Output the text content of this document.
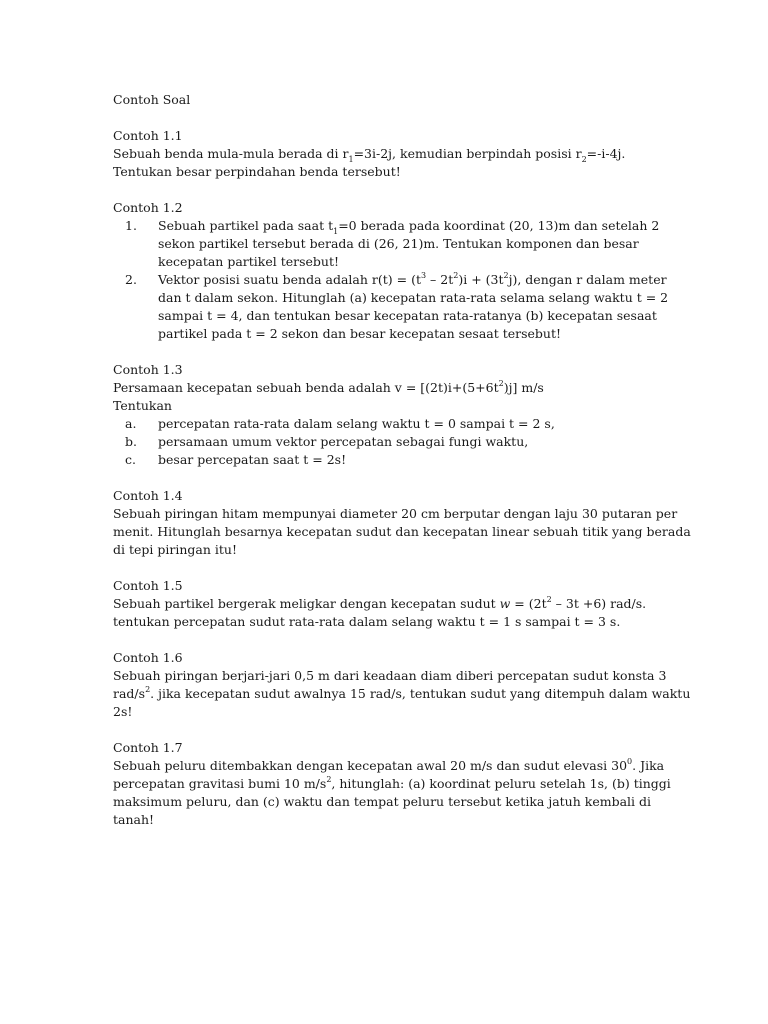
Contoh Soal
Contoh 1.1
Sebuah benda mula-mula berada di $r_1=3i-2j$, kemudian berpindah posisi $r_2=-i-4j$.
Tentukan besar perpindahan benda tersebut!
Contoh 1.2
1. Sebuah partikel pada saat $t_1=0$ berada pada koordinat (20, 13)m dan setelah 2
sekon partikel tersebut berada di (26, 21)m. Tentukan komponen dan besar
kecepatan partikel tersebut!
2. Vektor posisi suatu benda adalah $r(t) = (t^3 - 2t^2)i + (3t^2j)$, dengan r dalam meter
dan t dalam sekon. Hitunglah (a) kecepatan rata-rata selama selang waktu t = 2
sampai t = 4, dan tentukan besar kecepatan rata-ratanya (b) kecepatan sesaat
partikel pada t = 2 sekon dan besar kecepatan sesaat tersebut!
Contoh 1.3
Persamaan kecepatan sebuah benda adalah $v = [(2t)i+(5+6t^2)j]$ m/s
Tentukan
a. percepatan rata-rata dalam selang waktu t = 0 sampai t = 2 s,
b. persamaan umum vektor percepatan sebagai fungi waktu,
c. besar percepatan saat t = 2s!
Contoh 1.4
Sebuah piringan hitam mempunyai diameter 20 cm berputar dengan laju 30 putaran per
menit. Hitunglah besarnya kecepatan sudut dan kecepatan linear sebuah titik yang berada
di tepi piringan itu!
Contoh 1.5
Sebuah partikel bergerak meligkar dengan kecepatan sudut $w = (2t^2 - 3t +6)$ rad/s.
tentukan percepatan sudut rata-rata dalam selang waktu t = 1 s sampai t = 3 s.
Contoh 1.6
Sebuah piringan berjari-jari 0,5 m dari keadaan diam diberi percepatan sudut konsta 3
rad/$s^2$. jika kecepatan sudut awalnya 15 rad/s, tentukan sudut yang ditempuh dalam waktu
2s!
Contoh 1.7
Sebuah peluru ditembakkan dengan kecepatan awal 20 m/s dan sudut elevasi $30^0$. Jika
percepatan gravitasi bumi 10 $m/s^2$, hitunglah: (a) koordinat peluru setelah 1s, (b) tinggi
maksimum peluru, dan (c) waktu dan tempat peluru tersebut ketika jatuh kembali di
tanah!
